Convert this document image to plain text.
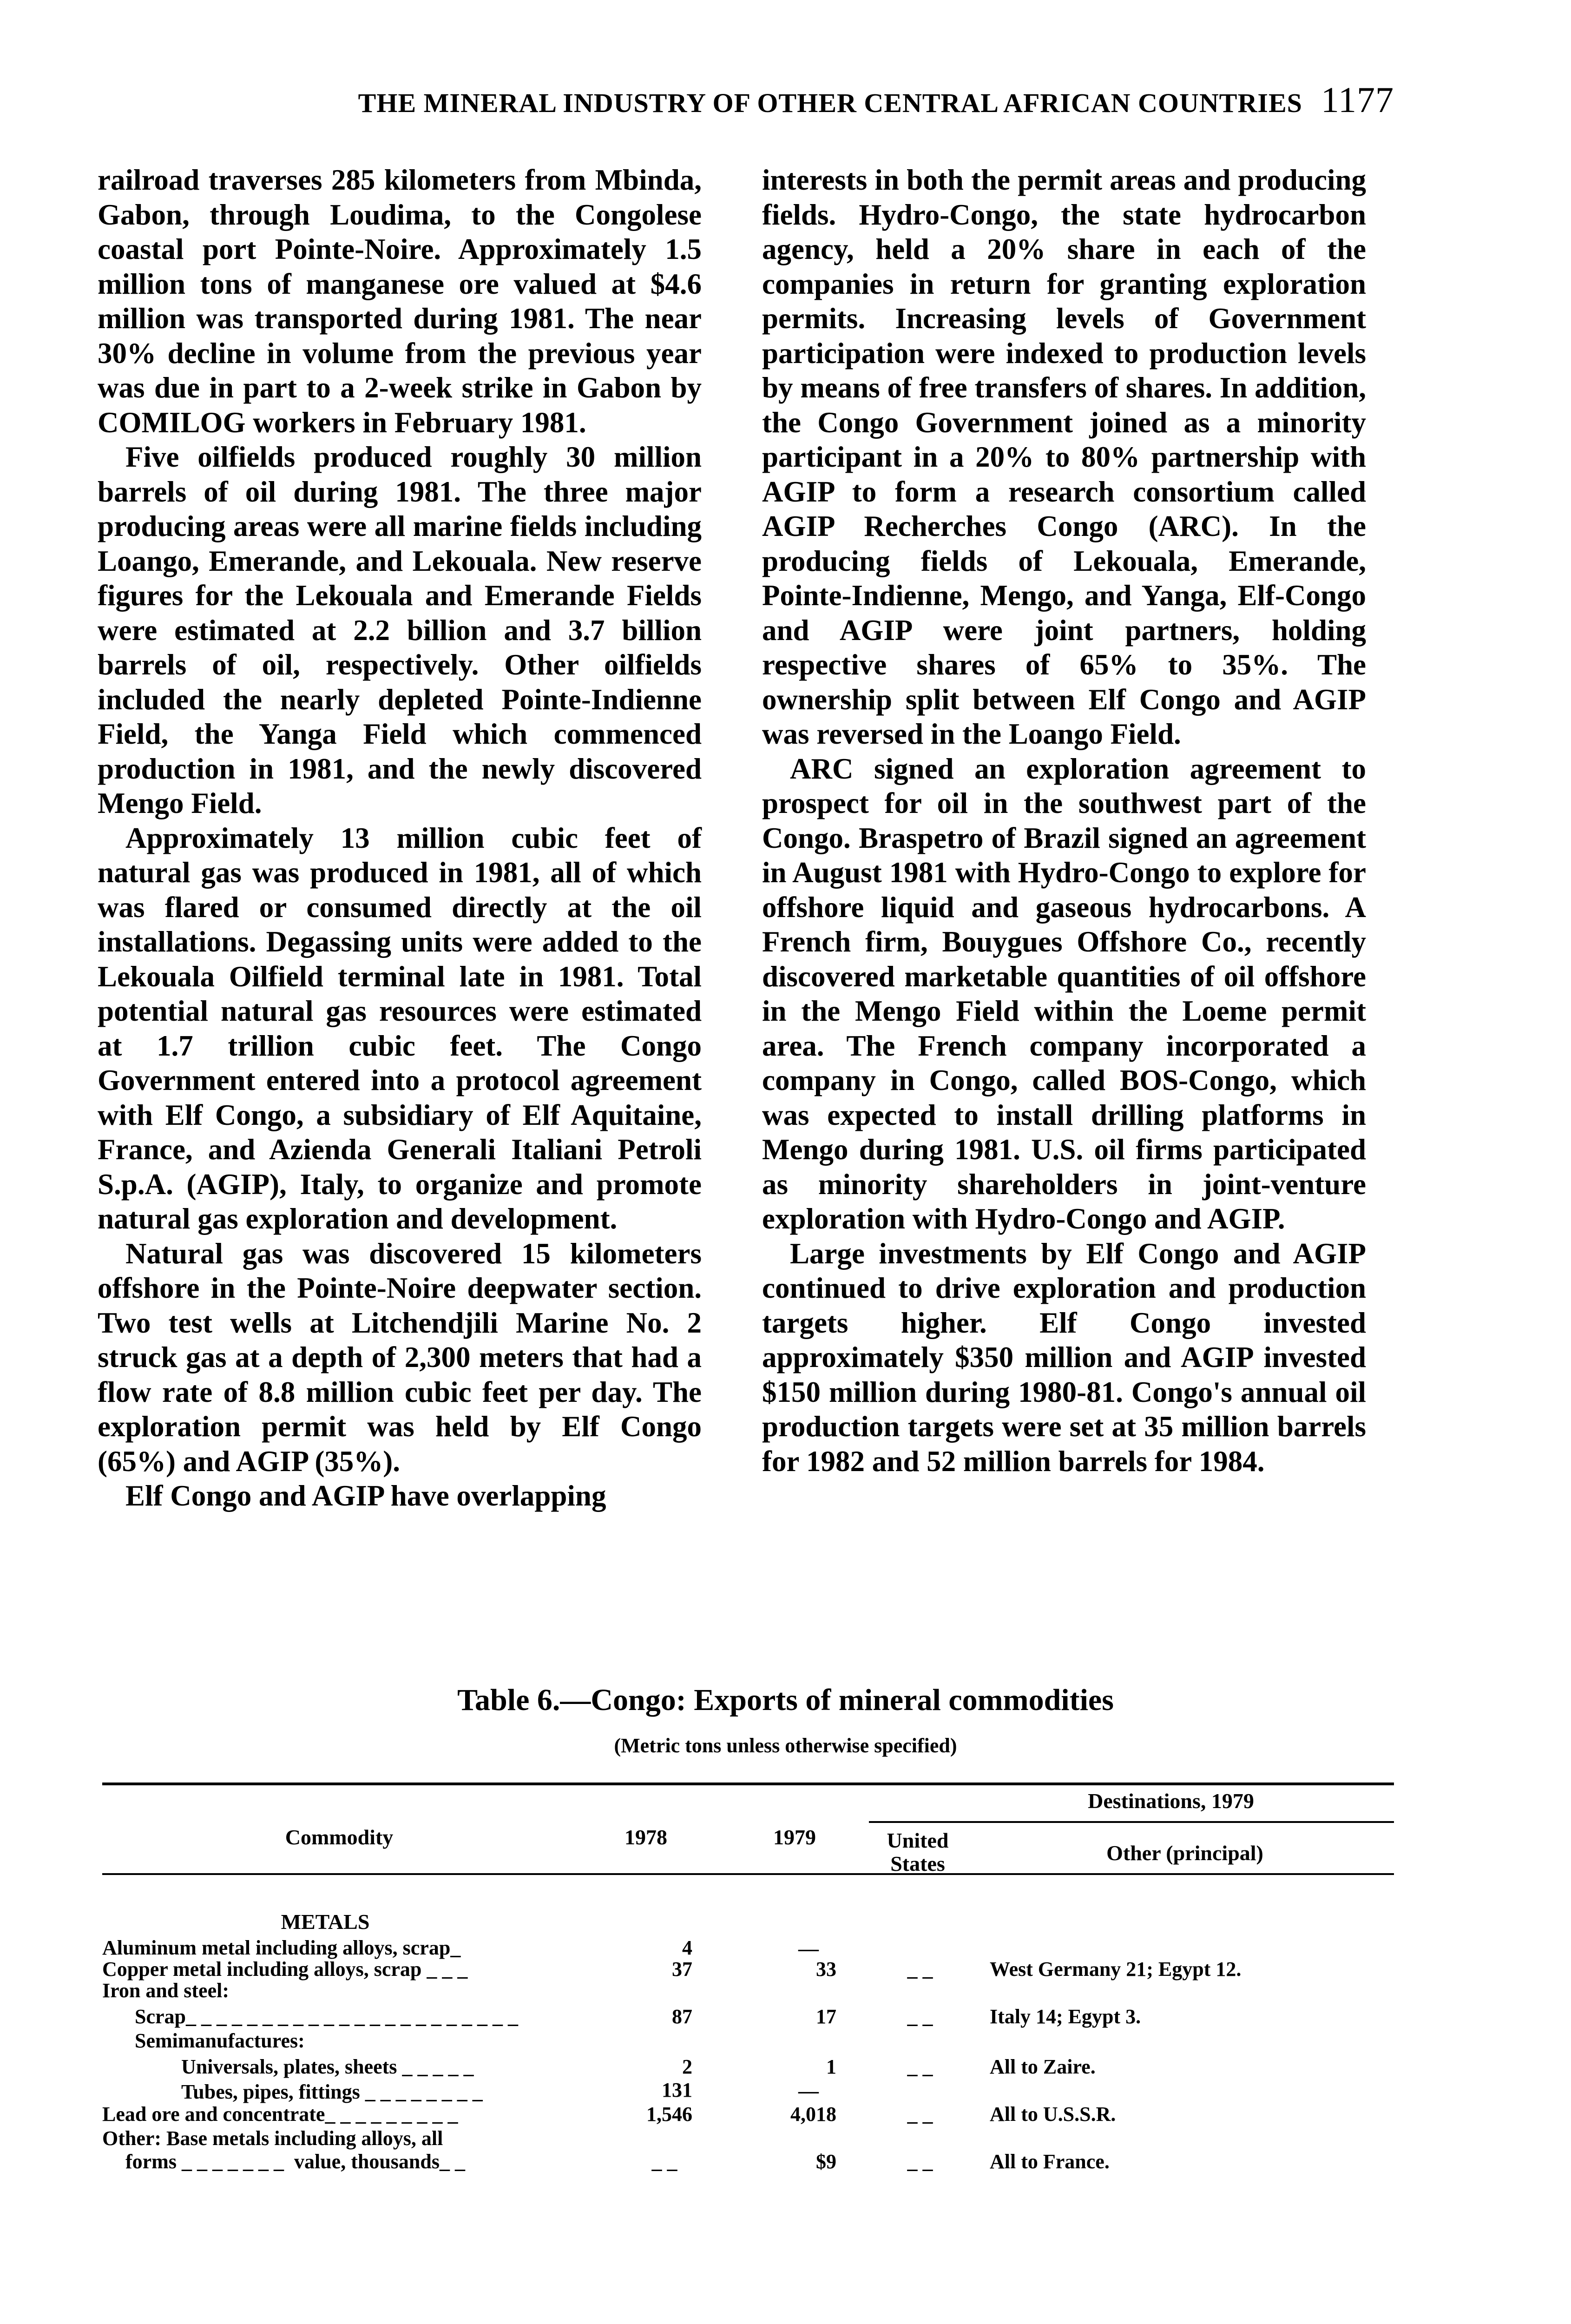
THE MINERAL INDUSTRY OF OTHER CENTRAL AFRICAN COUNTRIES 1177

railroad traverses 285 kilometers from Mbinda, Gabon, through Loudima, to the Congolese coastal port Pointe-Noire. Approximately 1.5 million tons of manganese ore valued at $4.6 million was transported during 1981. The near 30% decline in volume from the previous year was due in part to a 2-week strike in Gabon by COMILOG workers in February 1981.

Five oilfields produced roughly 30 million barrels of oil during 1981. The three major producing areas were all marine fields including Loango, Emerande, and Lekouala. New reserve figures for the Lekouala and Emerande Fields were estimated at 2.2 billion and 3.7 billion barrels of oil, respectively. Other oilfields included the nearly depleted Pointe-Indienne Field, the Yanga Field which commenced production in 1981, and the newly discovered Mengo Field.

Approximately 13 million cubic feet of natural gas was produced in 1981, all of which was flared or consumed directly at the oil installations. Degassing units were added to the Lekouala Oilfield terminal late in 1981. Total potential natural gas resources were estimated at 1.7 trillion cubic feet. The Congo Government entered into a protocol agreement with Elf Congo, a subsidiary of Elf Aquitaine, France, and Azienda Generali Italiani Petroli S.p.A. (AGIP), Italy, to organize and promote natural gas exploration and development.

Natural gas was discovered 15 kilometers offshore in the Pointe-Noire deepwater section. Two test wells at Litchendjili Marine No. 2 struck gas at a depth of 2,300 meters that had a flow rate of 8.8 million cubic feet per day. The exploration permit was held by Elf Congo (65%) and AGIP (35%).

Elf Congo and AGIP have overlapping

interests in both the permit areas and producing fields. Hydro-Congo, the state hydrocarbon agency, held a 20% share in each of the companies in return for granting exploration permits. Increasing levels of Government participation were indexed to production levels by means of free transfers of shares. In addition, the Congo Government joined as a minority participant in a 20% to 80% partnership with AGIP to form a research consortium called AGIP Recherches Congo (ARC). In the producing fields of Lekouala, Emerande, Pointe-Indienne, Mengo, and Yanga, Elf-Congo and AGIP were joint partners, holding respective shares of 65% to 35%. The ownership split between Elf Congo and AGIP was reversed in the Loango Field.

ARC signed an exploration agreement to prospect for oil in the southwest part of the Congo. Braspetro of Brazil signed an agreement in August 1981 with Hydro-Congo to explore for offshore liquid and gaseous hydrocarbons. A French firm, Bouygues Offshore Co., recently discovered marketable quantities of oil offshore in the Mengo Field within the Loeme permit area. The French company incorporated a company in Congo, called BOS-Congo, which was expected to install drilling platforms in Mengo during 1981. U.S. oil firms participated as minority shareholders in joint-venture exploration with Hydro-Congo and AGIP.

Large investments by Elf Congo and AGIP continued to drive exploration and production targets higher. Elf Congo invested approximately $350 million and AGIP invested $150 million during 1980-81. Congo's annual oil production targets were set at 35 million barrels for 1982 and 52 million barrels for 1984.

Table 6.—Congo: Exports of mineral commodities
(Metric tons unless otherwise specified)
Commodity	1978	1979
Destinations, 1979
United States	Other (principal)
METALS
Aluminum metal including alloys, scrap_	4	—
Copper metal including alloys, scrap _ _ _	37	33	_ _	West Germany 21; Egypt 12.
Iron and steel:
Scrap_ _ _ _ _ _ _ _ _ _ _ _ _ _ _ _ _ _ _ _ _ _	87	17	_ _	Italy 14; Egypt 3.
Semimanufactures:
Universals, plates, sheets _ _ _ _ _	2	1	_ _	All to Zaire.
Tubes, pipes, fittings _ _ _ _ _ _ _ _	131	—
Lead ore and concentrate_ _ _ _ _ _ _ _ _	1,546	4,018	_ _	All to U.S.S.R.
Other: Base metals including alloys, all
forms _ _ _ _ _ _ _ value, thousands_ _	_ _	$9	_ _	All to France.
